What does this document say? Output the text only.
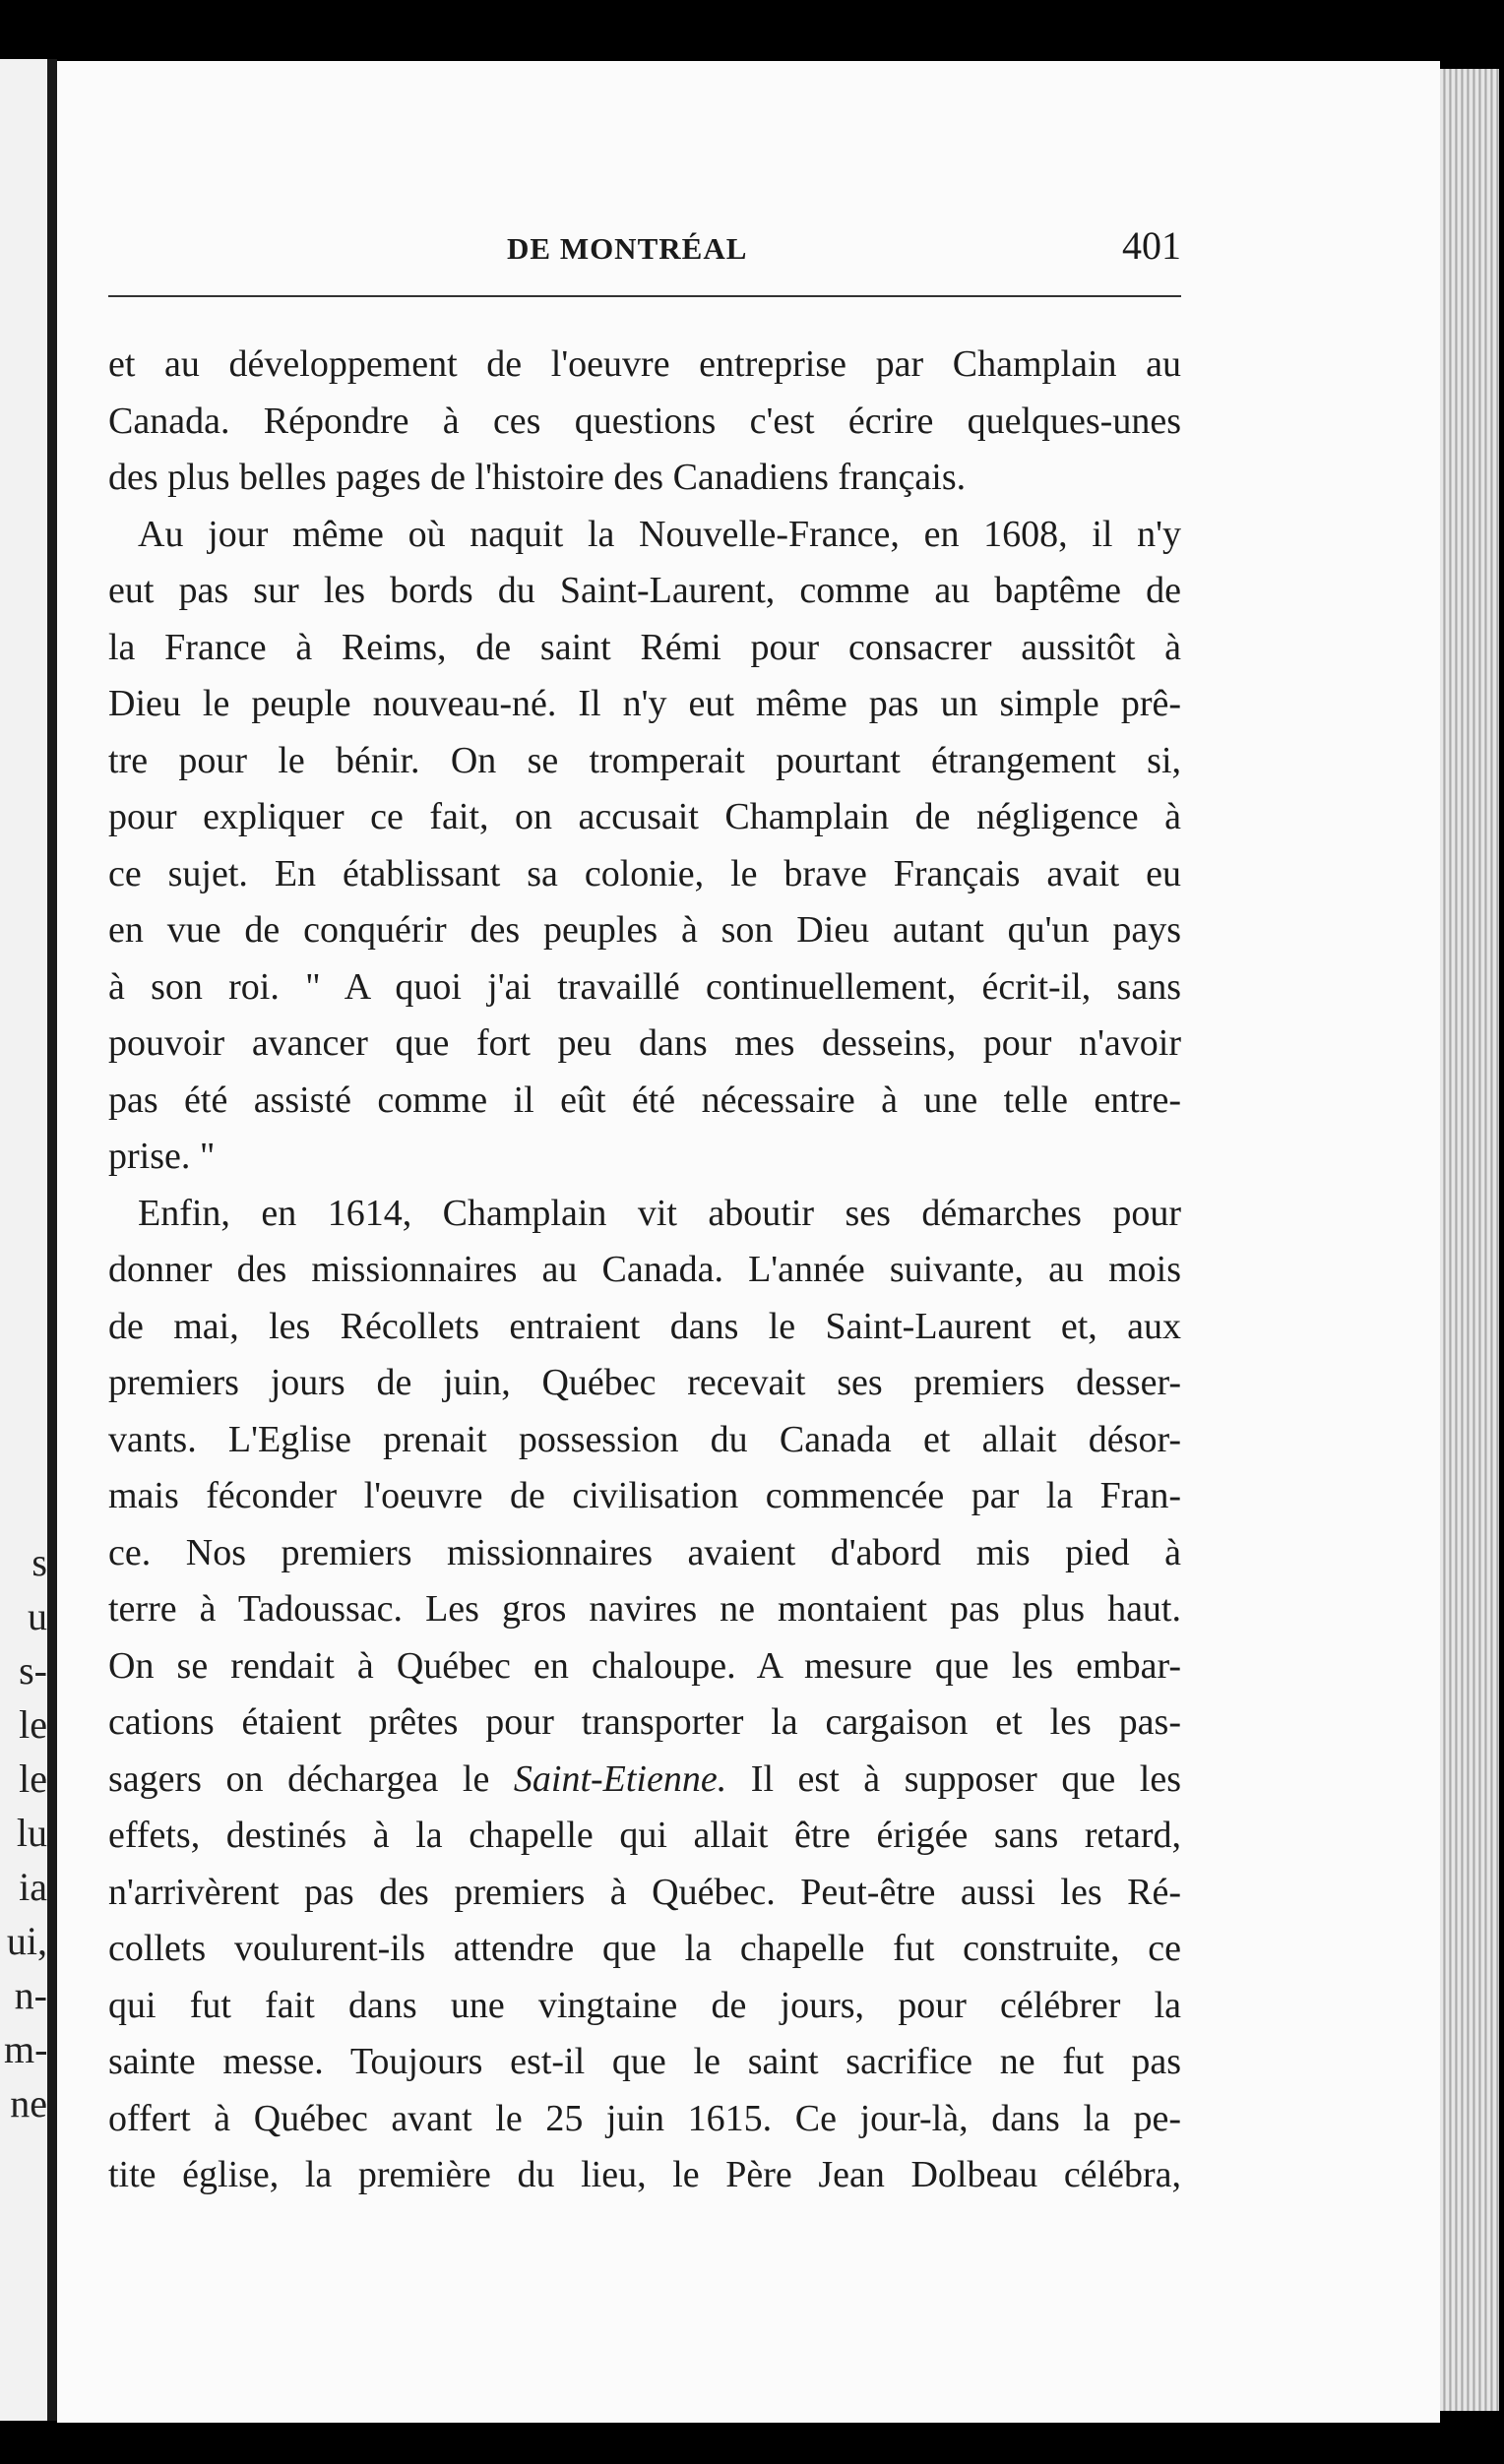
s
u
s-
le
le
lu
ia
ui,
n-
m-
ne
DE MONTRÉAL	401
et au développement de l'oeuvre entreprise par Champlain au
Canada. Répondre à ces questions c'est écrire quelques-unes
des plus belles pages de l'histoire des Canadiens français.
Au jour même où naquit la Nouvelle-France, en 1608, il n'y
eut pas sur les bords du Saint-Laurent, comme au baptême de
la France à Reims, de saint Rémi pour consacrer aussitôt à
Dieu le peuple nouveau-né. Il n'y eut même pas un simple prê-
tre pour le bénir. On se tromperait pourtant étrangement si,
pour expliquer ce fait, on accusait Champlain de négligence à
ce sujet. En établissant sa colonie, le brave Français avait eu
en vue de conquérir des peuples à son Dieu autant qu'un pays
à son roi. " A quoi j'ai travaillé continuellement, écrit-il, sans
pouvoir avancer que fort peu dans mes desseins, pour n'avoir
pas été assisté comme il eût été nécessaire à une telle entre-
prise. "
Enfin, en 1614, Champlain vit aboutir ses démarches pour
donner des missionnaires au Canada. L'année suivante, au mois
de mai, les Récollets entraient dans le Saint-Laurent et, aux
premiers jours de juin, Québec recevait ses premiers desser-
vants. L'Eglise prenait possession du Canada et allait désor-
mais féconder l'oeuvre de civilisation commencée par la Fran-
ce. Nos premiers missionnaires avaient d'abord mis pied à
terre à Tadoussac. Les gros navires ne montaient pas plus haut.
On se rendait à Québec en chaloupe. A mesure que les embar-
cations étaient prêtes pour transporter la cargaison et les pas-
sagers on déchargea le Saint-Etienne. Il est à supposer que les
effets, destinés à la chapelle qui allait être érigée sans retard,
n'arrivèrent pas des premiers à Québec. Peut-être aussi les Ré-
collets voulurent-ils attendre que la chapelle fut construite, ce
qui fut fait dans une vingtaine de jours, pour célébrer la
sainte messe. Toujours est-il que le saint sacrifice ne fut pas
offert à Québec avant le 25 juin 1615. Ce jour-là, dans la pe-
tite église, la première du lieu, le Père Jean Dolbeau célébra,
